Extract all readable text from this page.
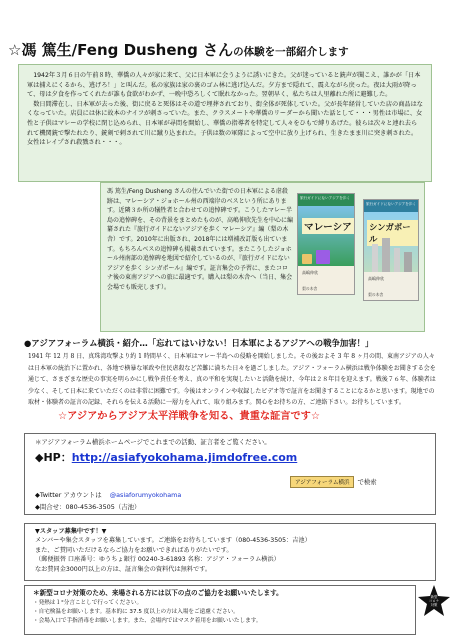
☆馮 篤生/Feng Dusheng さんの体験を一部紹介します

1942年３月６日の午前８時、華僑の人々が家に来て、父に日本軍に会うように誘いにきた。父が迷っていると銃声が聞こえ、誰かが「日本軍は捕えにくるから、逃げろ！」と叫んだ。私の家族は家の裏のゴム林に逃げ込んだ。夕方まで隠れて、震えながら戻った。夜は大雨が降って、母は夕食を作ってくれたが誰も食欲がわかず、一晩中恐ろしくて眠れなかった。翌朝早く、私たちは人里離れた所に避難した。

数日間滞在し、日本軍が去った後、街に戻ると死体はその道で埋葬されており、街全体が死体していた。父が長年経営していた店の商品はなくなっていた。店員には休に故本のナイフが刺さっていた。また、クラスメートや華僑のリーダーから聞いた話として・・・男性は市場に、女性と子供はマレーの学校に閉じ込められ、日本軍が尋問を開始し、華僑の指導者を特定して人々をひもで縛りあげた。彼らは次々と連れ去られて機関銃で撃たれたり、銃剣で刺されて川に蹴り込まれた。子供は数の軍隊によって空中に放り上げられ、生きたまま川に突き刺された。女性はレイプされ殺戮され・・・。

馮 篤生/Feng Dusheng さんの住んでいた街での日本軍による虐殺跡は、マレーシア・ジョホール州の西端岸のベスという所にあります。近隣３か所の犠牲者と合わせての追悼碑です。こうしたマレー半島の追悼碑を、その背景をまとめたものが、高嶋伸欣先生を中心に編纂された『旅行ガイドにないアジアを歩く マレーシア』編（梨の木舎）です。2010年に出版され、2018年には増補改訂版も出ています。もちろんベスの追悼碑も掲載されています。またこうしたジョホール州南部の追悼碑を地図で紹介しているのが、『旅行ガイドにないアジアを歩く シンガポール』編です。証言集会の予習に、またコロナ後の東南アジアへの旅に最適です。購入は梨の木舎へ（当日、集会会場でも販売します）。
旅行ガイドにないアジアを歩く
マレーシア
高嶋伸欣
梨の木舎
旅行ガイドにないアジアを歩く
シンガポール
高嶋伸欣
梨の木舎
●アジアフォーラム横浜・紹介…「忘れてはいけない！日本軍によるアジアへの戦争加害！」
1941 年 12 月 8 日、真珠湾攻撃より約 1 時間早く、日本軍はマレー半島への侵略を開始しました。その後およそ 3 年 8 ヶ月の間、東南アジアの人々は日本軍の統治下に置かれ、各地で横暴な軍政や住民虐殺など苦難に満ちた日々を過ごしました。アジア・フォーラム横浜は戦争体験をお聞きする会を通じて、さまざまな歴史の事実を明らかにし戦争責任を考え、真の平和を実現したいと活動を続け、今年は２８年目を迎えます。戦後７６年、体験者は少なく、そして日本に来ていただくのは非常に困難です。今後はオンラインや収録したビデオ等で証言をお聞きすることになるかと思います。現地での取材・体験者の証言の記録、それらを伝える活動に一層力を入れて、取り組みます。関心をお持ちの方、ご連絡下さい。お待ちしています。
☆アジアからアジア太平洋戦争を知る、貴重な証言です☆
＊アジアフォーラム横浜ホームページでこれまでの活動、証言者をご覧ください。
◆HP：http://asiafyokohama.jimdofree.com
アジアフォーラム横浜 で検索
◆Twitter アカウントは @asiaforumyokohama
◆問合せ：080-4536-3505（吉池）
▼スタッフ募集中です！▼
メンバーや集会スタッフを募集しています。ご連絡をお待ちしています（080-4536-3505：吉池）
また、ご賛同いただけるならご協力をお願いできればありがたいです。
（郵便振替 口座番号：ゆうちょ銀行 00240-3-61893 名称：アジア・フォーラム横浜）
なお賛同金3000円以上の方は、証言集会の資料代は無料です。
＊新型コロナ対策のため、来場される方には以下の点のご協力をお願いいたします。
・発熱は１°分言ことしで行ってください。
・自宅検温をお願いします。基本的に 37.5 度以上の方は入場をご遠慮ください。
・会場入口で手指消毒をお願いします。また、会場内ではマスク着用をお願いいたします。
新型
コロナ
対策
